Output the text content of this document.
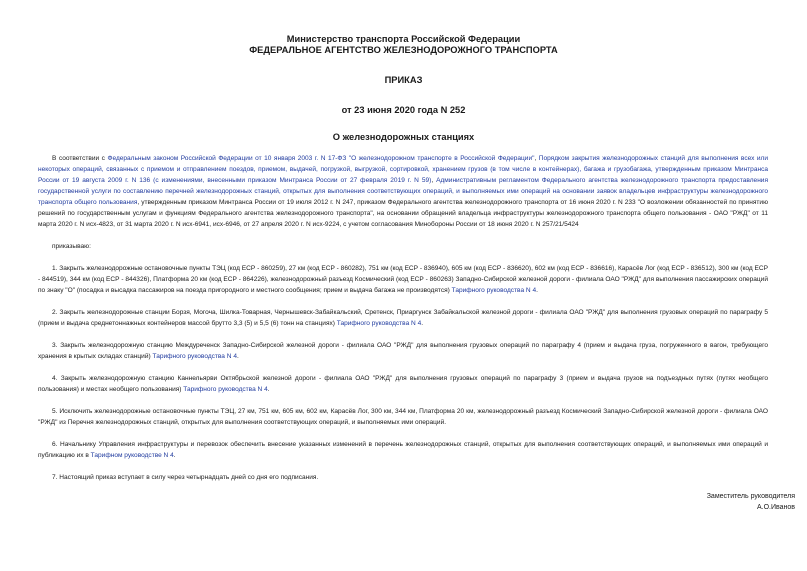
Министерство транспорта Российской Федерации
ФЕДЕРАЛЬНОЕ АГЕНТСТВО ЖЕЛЕЗНОДОРОЖНОГО ТРАНСПОРТА
ПРИКАЗ
от 23 июня 2020 года N 252
О железнодорожных станциях

В соответствии с Федеральным законом Российской Федерации от 10 января 2003 г. N 17-ФЗ "О железнодорожном транспорте в Российской Федерации", Порядком закрытия железнодорожных станций для выполнения всех или некоторых операций, связанных с приемом и отправлением поездов, приемом, выдачей, погрузкой, выгрузкой, сортировкой, хранением грузов (в том числе в контейнерах), багажа и грузобагажа, утвержденным приказом Минтранса России от 19 августа 2009 г. N 136 (с изменениями, внесенными приказом Минтранса России от 27 февраля 2019 г. N 59), Административным регламентом Федерального агентства железнодорожного транспорта предоставления государственной услуги по составлению перечней железнодорожных станций, открытых для выполнения соответствующих операций, и выполняемых ими операций на основании заявок владельцев инфраструктуры железнодорожного транспорта общего пользования, утвержденным приказом Минтранса России от 19 июля 2012 г. N 247, приказом Федерального агентства железнодорожного транспорта от 16 июня 2020 г. N 233 "О возложении обязанностей по принятию решений по государственным услугам и функциям Федерального агентства железнодорожного транспорта", на основании обращений владельца инфраструктуры железнодорожного транспорта общего пользования - ОАО "РЖД" от 11 марта 2020 г. N исх-4823, от 31 марта 2020 г. N исх-6941, исх-6946, от 27 апреля 2020 г. N исх-9224, с учетом согласования Минобороны России от 18 июня 2020 г. N 257/21/5424

приказываю:

1. Закрыть железнодорожные остановочные пункты ТЭЦ (код ЕСР - 860259), 27 км (код ЕСР - 860282), 751 км (код ЕСР - 836940), 605 км (код ЕСР - 836620), 602 км (код ЕСР - 836616), Карасёв Лог (код ЕСР - 836512), 300 км (код ЕСР - 844519), 344 км (код ЕСР - 844326), Платформа 20 км (код ЕСР - 864226), железнодорожный разъезд Космический (код ЕСР - 860263) Западно-Сибирской железной дороги - филиала ОАО "РЖД" для выполнения пассажирских операций по знаку "О" (посадка и высадка пассажиров на поезда пригородного и местного сообщения; прием и выдача багажа не производятся) Тарифного руководства N 4.

2. Закрыть железнодорожные станции Борзя, Могоча, Шилка-Товарная, Чернышевск-Забайкальский, Сретенск, Приаргунск Забайкальской железной дороги - филиала ОАО "РЖД" для выполнения грузовых операций по параграфу 5 (прием и выдача среднетоннажных контейнеров массой брутто 3,3 (5) и 5,5 (6) тонн на станциях) Тарифного руководства N 4.

3. Закрыть железнодорожную станцию Междуреченск Западно-Сибирской железной дороги - филиала ОАО "РЖД" для выполнения грузовых операций по параграфу 4 (прием и выдача груза, погруженного в вагон, требующего хранения в крытых складах станций) Тарифного руководства N 4.

4. Закрыть железнодорожную станцию Каннельярви Октябрьской железной дороги - филиала ОАО "РЖД" для выполнения грузовых операций по параграфу 3 (прием и выдача грузов на подъездных путях (путях необщего пользования) и местах необщего пользования) Тарифного руководства N 4.

5. Исключить железнодорожные остановочные пункты ТЭЦ, 27 км, 751 км, 605 км, 602 км, Карасёв Лог, 300 км, 344 км, Платформа 20 км, железнодорожный разъезд Космический Западно-Сибирской железной дороги - филиала ОАО "РЖД" из Перечня железнодорожных станций, открытых для выполнения соответствующих операций, и выполняемых ими операций.

6. Начальнику Управления инфраструктуры и перевозок обеспечить внесение указанных изменений в перечень железнодорожных станций, открытых для выполнения соответствующих операций, и выполняемых ими операций и публикацию их в Тарифном руководстве N 4.

7. Настоящий приказ вступает в силу через четырнадцать дней со дня его подписания.

Заместитель руководителя
А.О.Иванов
